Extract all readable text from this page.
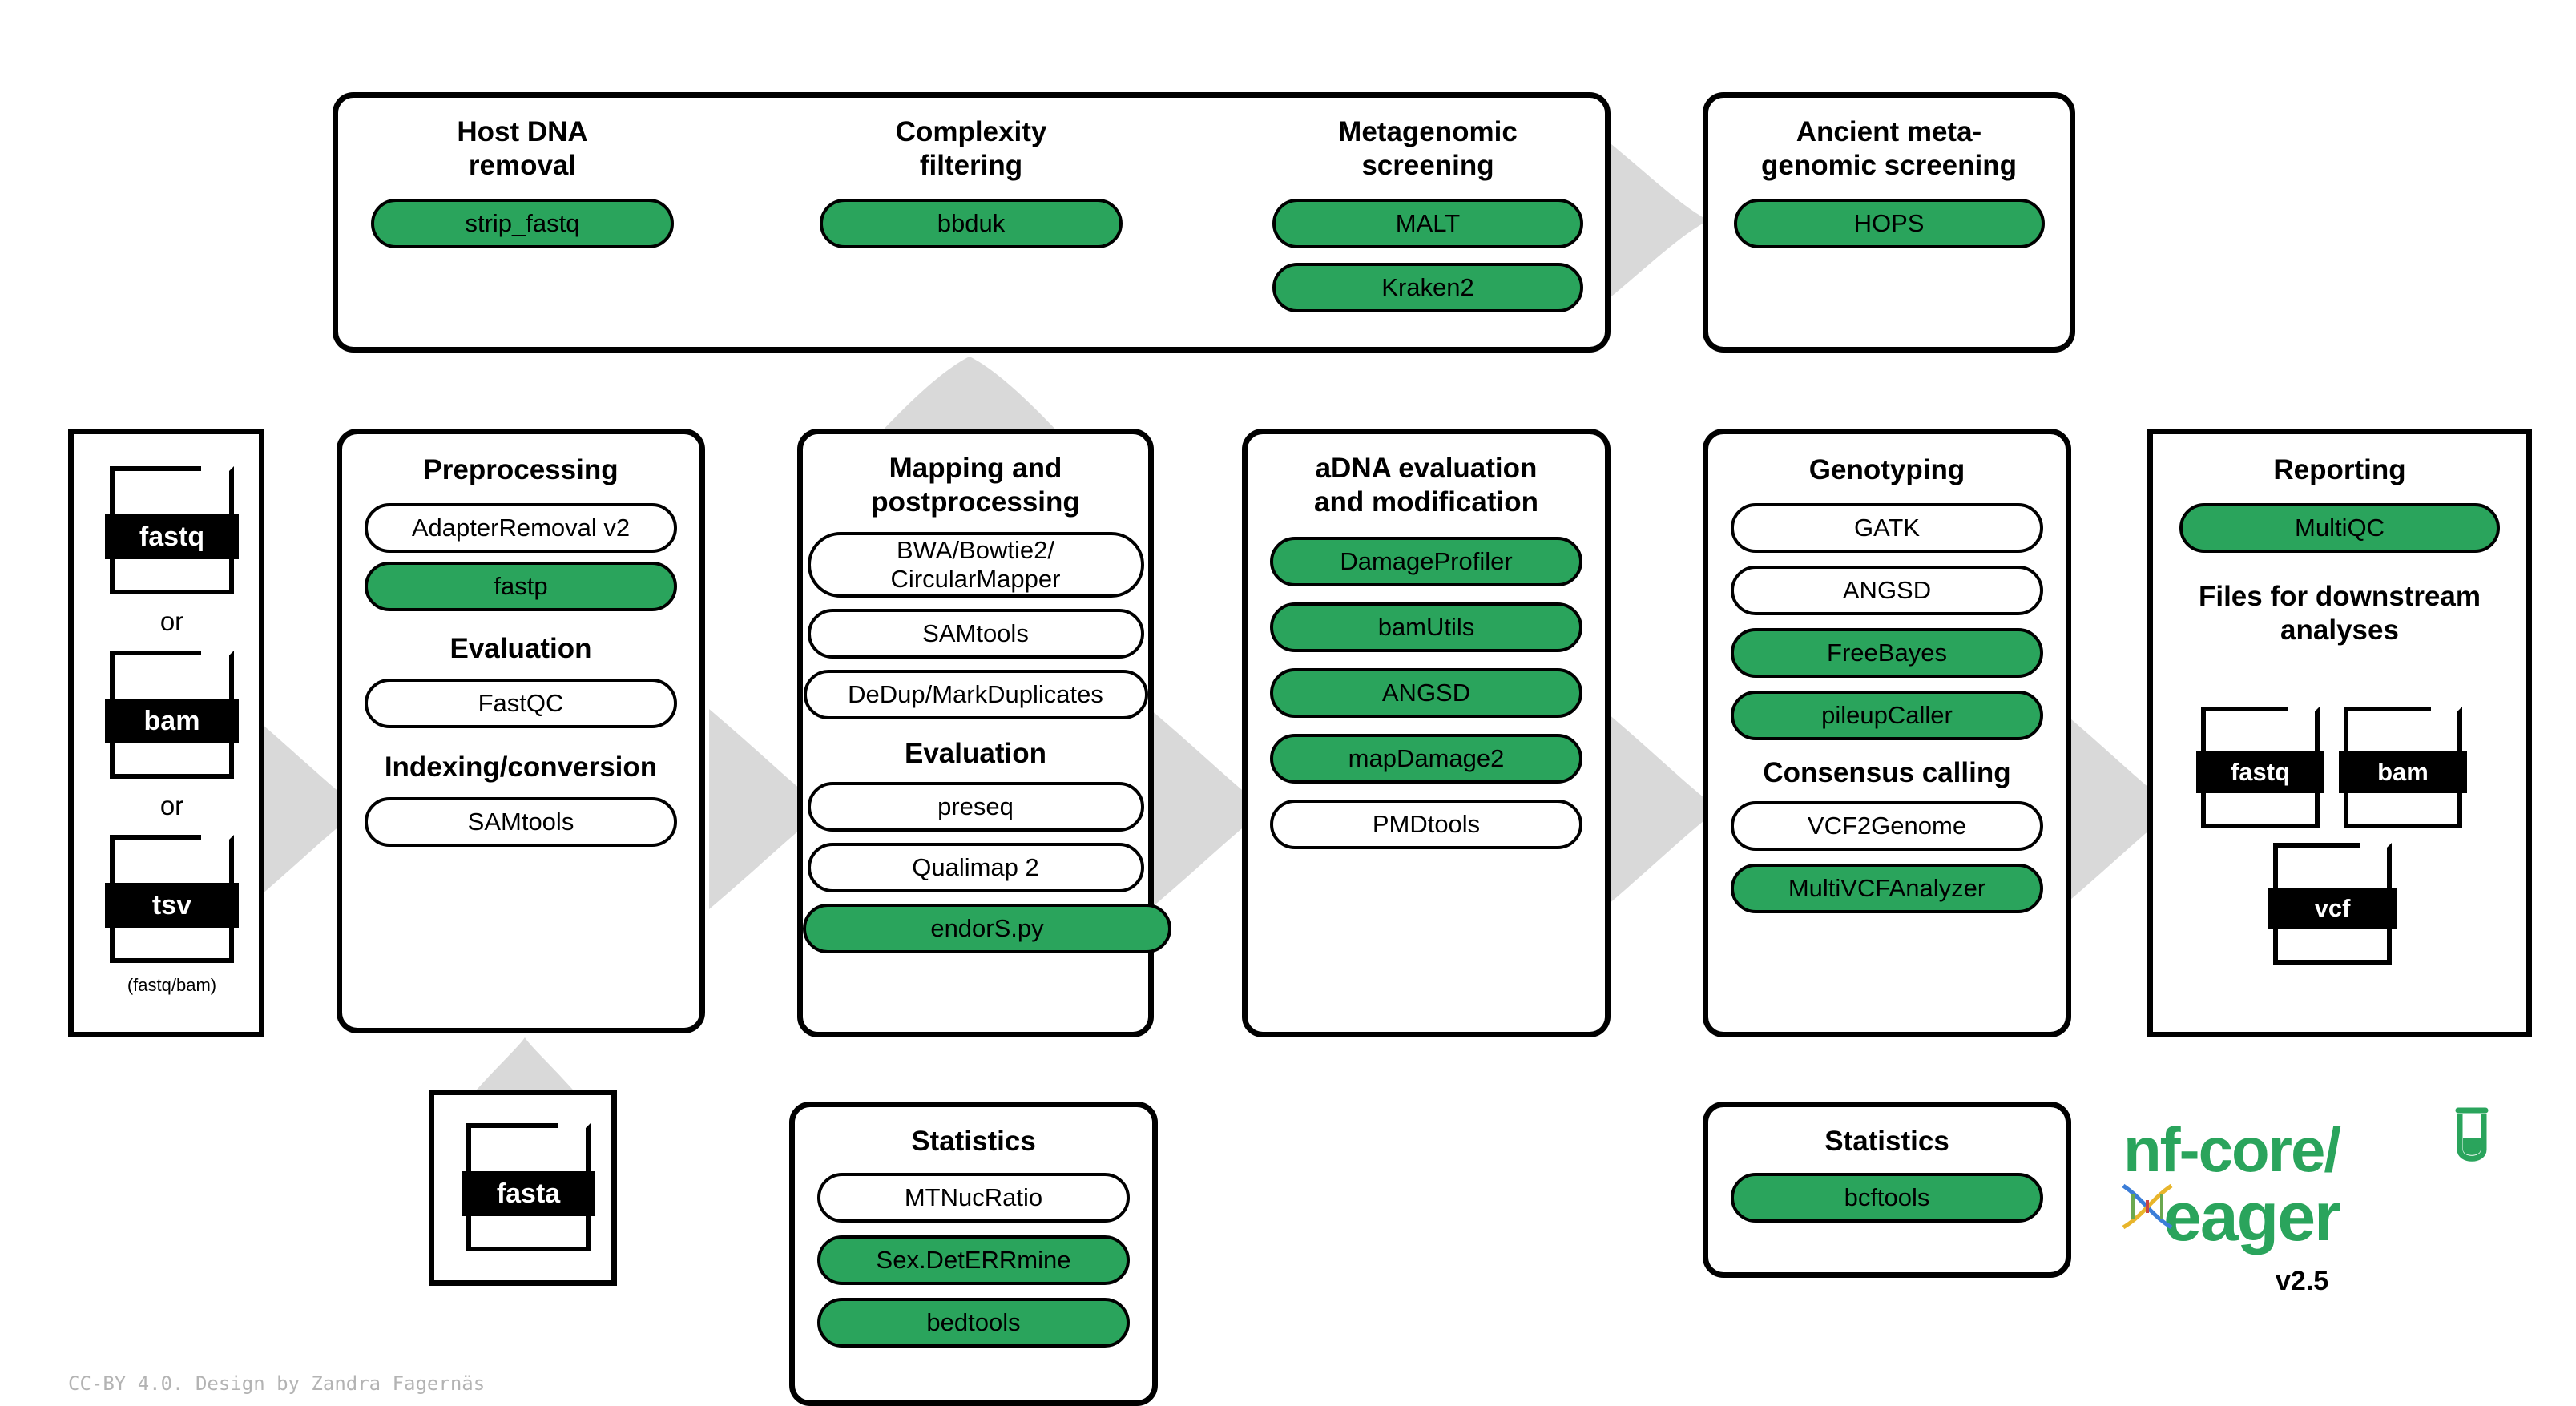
Host DNA
removal
strip_fastq
Complexity
filtering
bbduk
Metagenomic
screening
MALT
Kraken2
Ancient meta-
genomic screening
HOPS
fastq
or
bam
or
tsv
(fastq/bam)
Preprocessing
AdapterRemoval v2
fastp
Evaluation
FastQC
Indexing/conversion
SAMtools
fasta
Mapping and
postprocessing
BWA/Bowtie2/
CircularMapper
SAMtools
DeDup/MarkDuplicates
Evaluation
preseq
Qualimap 2
endorS.py
Statistics
MTNucRatio
Sex.DetERRmine
bedtools
aDNA evaluation
and modification
DamageProfiler
bamUtils
ANGSD
mapDamage2
PMDtools
Genotyping
GATK
ANGSD
FreeBayes
pileupCaller
Consensus calling
VCF2Genome
MultiVCFAnalyzer
Statistics
bcftools
Reporting
MultiQC
Files for downstream
analyses
fastq	bam
vcf
nf-core/
eager
v2.5
CC-BY 4.0. Design by Zandra Fagernäs
